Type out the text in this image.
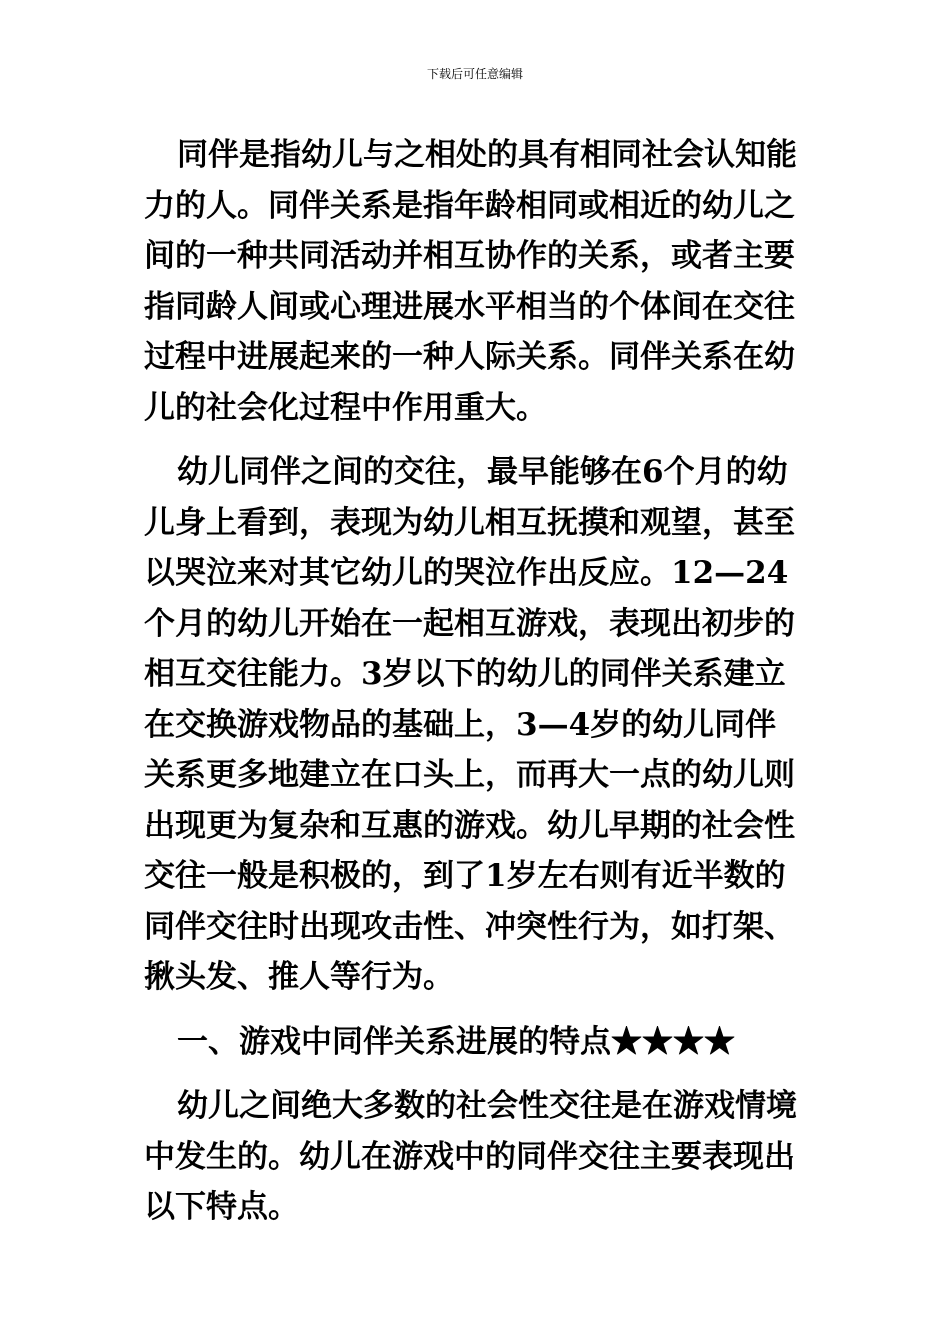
下载后可任意编辑

同伴是指幼儿与之相处的具有相同社会认知能力的人。同伴关系是指年龄相同或相近的幼儿之间的一种共同活动并相互协作的关系，或者主要指同龄人间或心理进展水平相当的个体间在交往过程中进展起来的一种人际关系。同伴关系在幼儿的社会化过程中作用重大。

幼儿同伴之间的交往，最早能够在6个月的幼儿身上看到，表现为幼儿相互抚摸和观望，甚至以哭泣来对其它幼儿的哭泣作出反应。12—24个月的幼儿开始在一起相互游戏，表现出初步的相互交往能力。3岁以下的幼儿的同伴关系建立在交换游戏物品的基础上，3—4岁的幼儿同伴关系更多地建立在口头上，而再大一点的幼儿则出现更为复杂和互惠的游戏。幼儿早期的社会性交往一般是积极的，到了1岁左右则有近半数的同伴交往时出现攻击性、冲突性行为，如打架、揪头发、推人等行为。

一、游戏中同伴关系进展的特点★★★★

幼儿之间绝大多数的社会性交往是在游戏情境中发生的。幼儿在游戏中的同伴交往主要表现出以下特点。
